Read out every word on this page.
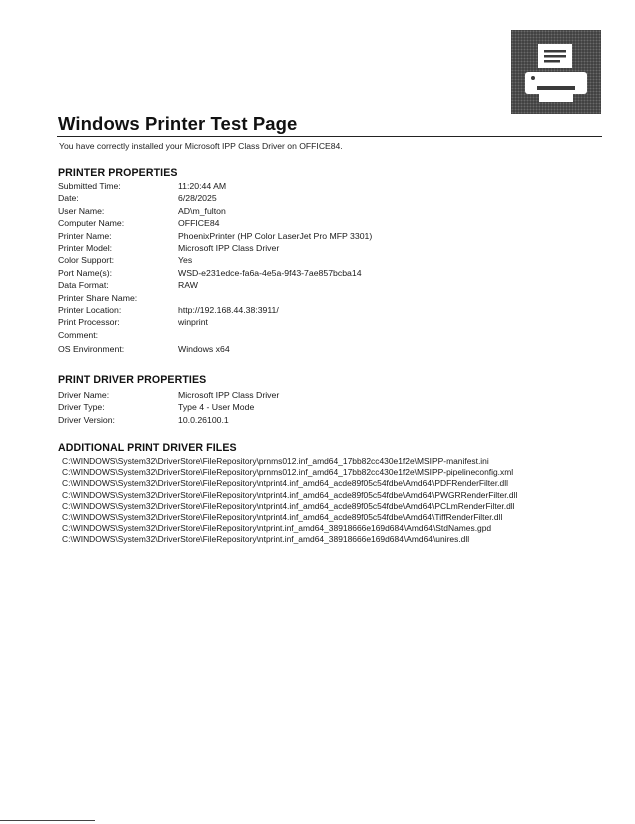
Windows Printer Test Page
You have correctly installed your Microsoft IPP Class Driver on OFFICE84.
PRINTER PROPERTIES
Submitted Time:	11:20:44 AM
Date:	6/28/2025
User Name:	AD\m_fulton
Computer Name:	OFFICE84
Printer Name:	PhoenixPrinter (HP Color LaserJet Pro MFP 3301)
Printer Model:	Microsoft IPP Class Driver
Color Support:	Yes
Port Name(s):	WSD-e231edce-fa6a-4e5a-9f43-7ae857bcba14
Data Format:	RAW
Printer Share Name:
Printer Location:	http://192.168.44.38:3911/
Print Processor:	winprint
Comment:
OS Environment:	Windows x64
PRINT DRIVER PROPERTIES
Driver Name:	Microsoft IPP Class Driver
Driver Type:	Type 4 - User Mode
Driver Version:	10.0.26100.1
ADDITIONAL PRINT DRIVER FILES
C:\WINDOWS\System32\DriverStore\FileRepository\prnms012.inf_amd64_17bb82cc430e1f2e\MSIPP-manifest.ini
C:\WINDOWS\System32\DriverStore\FileRepository\prnms012.inf_amd64_17bb82cc430e1f2e\MSIPP-pipelineconfig.xml
C:\WINDOWS\System32\DriverStore\FileRepository\ntprint4.inf_amd64_acde89f05c54fdbe\Amd64\PDFRenderFilter.dll
C:\WINDOWS\System32\DriverStore\FileRepository\ntprint4.inf_amd64_acde89f05c54fdbe\Amd64\PWGRRenderFilter.dll
C:\WINDOWS\System32\DriverStore\FileRepository\ntprint4.inf_amd64_acde89f05c54fdbe\Amd64\PCLmRenderFilter.dll
C:\WINDOWS\System32\DriverStore\FileRepository\ntprint4.inf_amd64_acde89f05c54fdbe\Amd64\TiffRenderFilter.dll
C:\WINDOWS\System32\DriverStore\FileRepository\ntprint.inf_amd64_38918666e169d684\Amd64\StdNames.gpd
C:\WINDOWS\System32\DriverStore\FileRepository\ntprint.inf_amd64_38918666e169d684\Amd64\unires.dll
